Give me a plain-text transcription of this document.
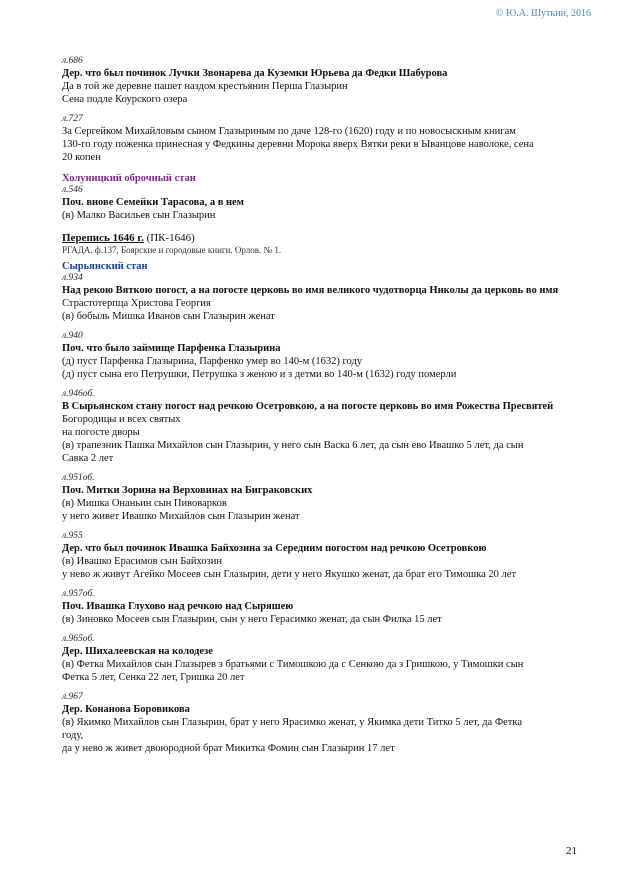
© Ю.А. Шуткин, 2016
л.686
Дер. что был починок Лучки Звонарева да Куземки Юрьева да Федки Шабурова
Да в той же деревне пашет наздом крестьянин Перша Глазырин
Сена подле Коурского озера
л.727
За Сергейком Михайловым сыном Глазыриным по даче 128-го (1620) году и по новосыскным книгам
130-го году поженка принесная у Федкины деревни Морока вверх Вятки реки в Ыванцове наволоке, сена
20 копен
Холуницкий оброчный стан
л.546
Поч. внове Семейки Тарасова, а в нем
(в) Малко Васильев сын Глазырин
Перепись 1646 г. (ПК-1646)
РГАДА. ф.137, Боярские и городовые книги. Орлов. № 1.
Сырьянский стан
л.934
Над рекою Вяткою погост, а на погосте церковь во имя великого чудотворца Николы да церковь во имя
Страстотерпца Христова Георгия
(в) бобыль Мишка Иванов сын Глазырин женат
л.940
Поч. что было займище Парфенка Глазырина
(д) пуст Парфенка Глазырина, Парфенко умер во 140-м (1632) году
(д) пуст сына его Петрушки, Петрушка з женою и з детми во 140-м (1632) году померли
л.946об.
В Сырьянском стану погост над речкою Осетровкою, а на погосте церковь во имя Рожества Пресвятей
Богородицы и всех святых
на погосте дворы
(в) трапезник Пашка Михайлов сын Глазырин, у него сын Васка 6 лет, да сын ево Ивашко 5 лет, да сын
Савка 2 лет
л.951об.
Поч. Митки Зорина на Верховинах на Биграковских
(в) Мишка Онаньин сын Пивоварков
у него живет Ивашко Михайлов сын Глазырин женат
л.955
Дер. что был починок Ивашка Байхозина за Середним погостом над речкою Осетровкою
(в) Ивашко Ерасимов сын Байхозин
у нево ж живут Агейко Мосеев сын Глазырин, дети у него Якушко женат, да брат его Тимошка 20 лет
л.957об.
Поч. Ивашка Глухово над речкою над Сыряшею
(в) Зиновко Мосеев сын Глазырин, сын у него Герасимко женат, да сын Филка 15 лет
л.965об.
Дер. Шихалеевская на колодезе
(в) Фетка Михайлов сын Глазырев з братьями с Тимошкою да с Сенкою да з Гришкою, у Тимошки сын
Фетка 5 лет, Сенка 22 лет, Гришка 20 лет
л.967
Дер. Конанова Боровикова
(в) Якимко Михайлов сын Глазырин, брат у него Ярасимко женат, у Якимка дети Титко 5 лет, да Фетка
году,
да у нево ж живет двоюродной брат Микитка Фомин сын Глазырин 17 лет
21
